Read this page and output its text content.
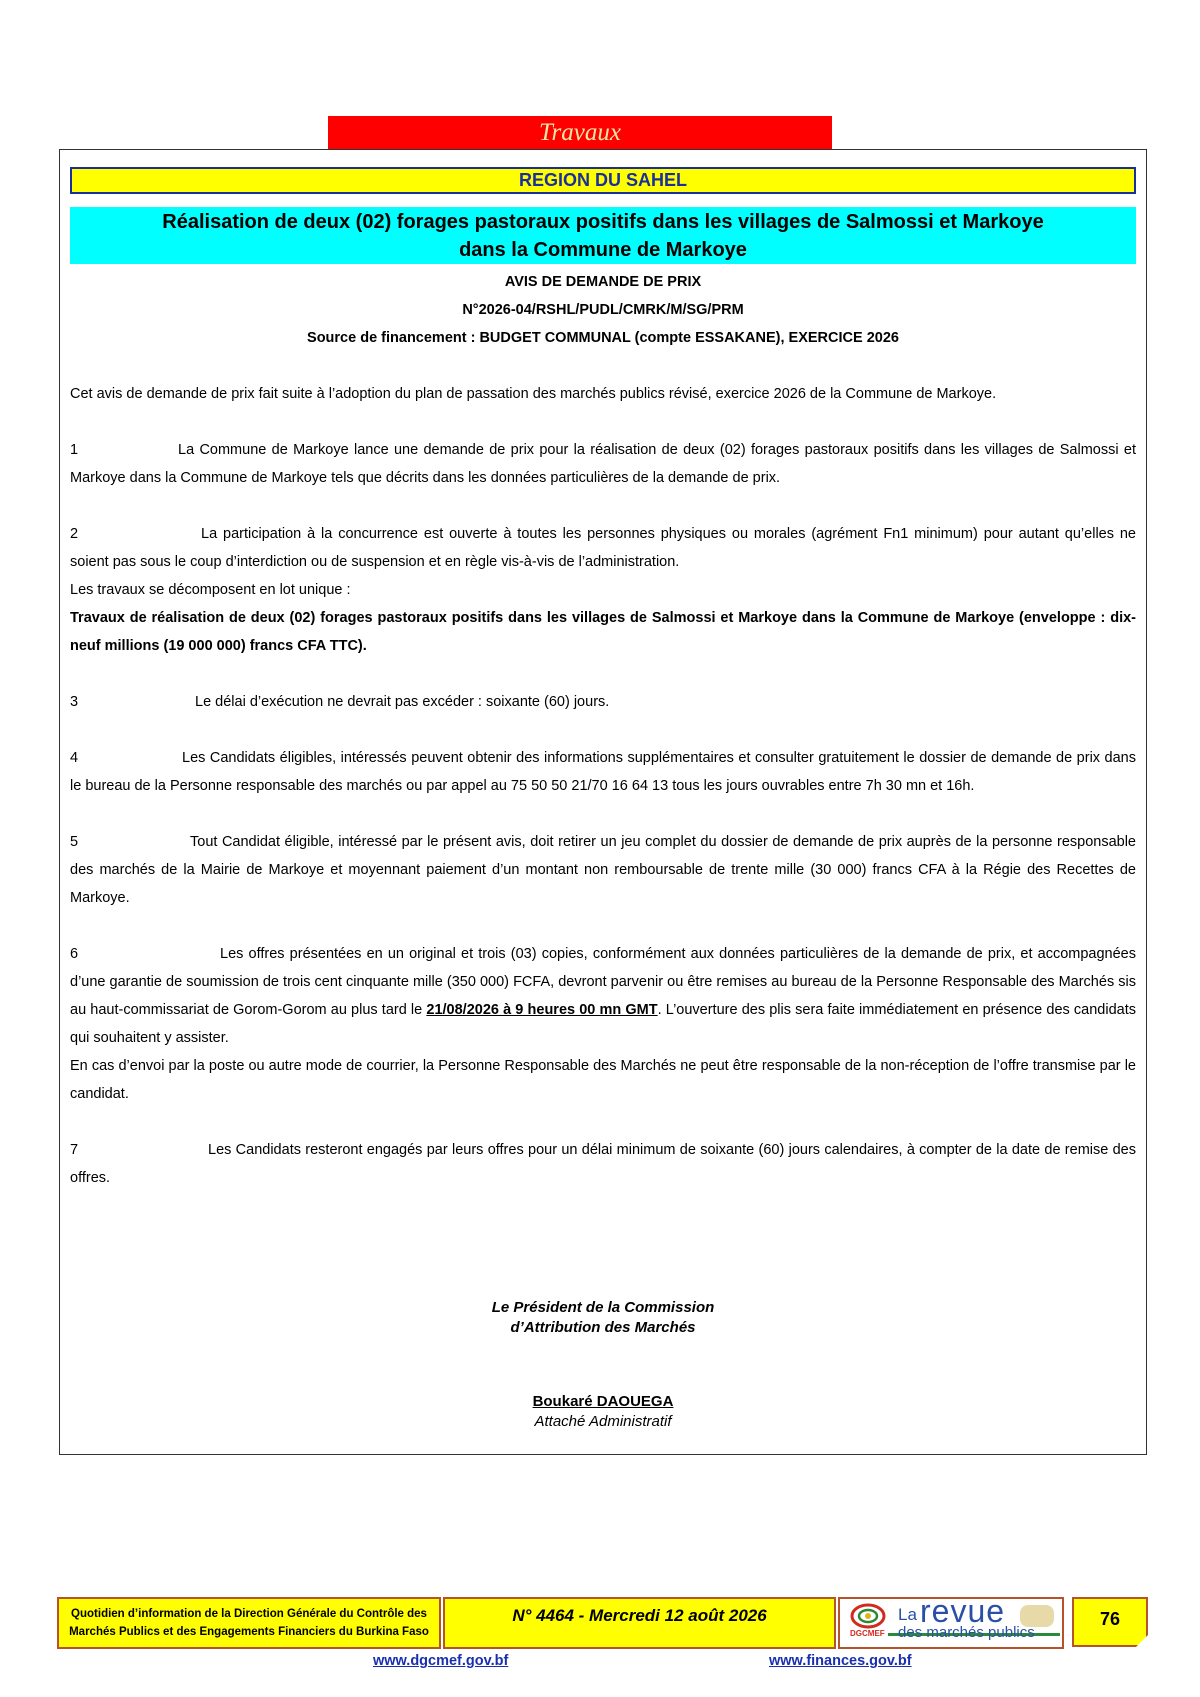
Travaux
REGION DU SAHEL
Réalisation de deux (02) forages pastoraux positifs dans les villages de Salmossi et Markoye
dans la Commune de Markoye
AVIS DE DEMANDE DE PRIX
N°2026-04/RSHL/PUDL/CMRK/M/SG/PRM
Source de financement : BUDGET COMMUNAL (compte ESSAKANE), EXERCICE 2026

Cet avis de demande de prix fait suite à l’adoption du plan de passation des marchés publics révisé, exercice 2026 de la Commune de Markoye.

1	La Commune de Markoye lance une demande de prix pour la réalisation de deux (02) forages pastoraux positifs dans les villages de Salmossi et Markoye dans la Commune de Markoye tels que décrits dans les données particulières de la demande de prix.

2	La participation à la concurrence est ouverte à toutes les personnes physiques ou morales (agrément Fn1 minimum) pour autant qu’elles ne soient pas sous le coup d’interdiction ou de suspension et en règle vis-à-vis de l’administration.

Les travaux se décomposent en lot unique :

Travaux de réalisation de deux (02) forages pastoraux positifs dans les villages de Salmossi et Markoye dans la Commune de Markoye (enveloppe : dix-neuf millions (19 000 000) francs CFA TTC).

3	Le délai d’exécution ne devrait pas excéder : soixante (60) jours.

4	Les Candidats éligibles, intéressés peuvent obtenir des informations supplémentaires et consulter gratuitement le dossier de demande de prix dans le bureau de la Personne responsable des marchés ou par appel au 75 50 50 21/70 16 64 13 tous les jours ouvrables entre 7h 30 mn et 16h.

5	Tout Candidat éligible, intéressé par le présent avis, doit retirer un jeu complet du dossier de demande de prix auprès de la personne responsable des marchés de la Mairie de Markoye et moyennant paiement d’un montant non remboursable de trente mille (30 000) francs CFA à la Régie des Recettes de Markoye.

6	Les offres présentées en un original et trois (03) copies, conformément aux données particulières de la demande de prix, et accompagnées d’une garantie de soumission de trois cent cinquante mille (350 000) FCFA, devront parvenir ou être remises au bureau de la Personne Responsable des Marchés sis au haut-commissariat de Gorom-Gorom au plus tard le 21/08/2026 à 9 heures 00 mn GMT. L’ouverture des plis sera faite immédiatement en présence des candidats qui souhaitent y assister.

En cas d’envoi par la poste ou autre mode de courrier, la Personne Responsable des Marchés ne peut être responsable de la non-réception de l’offre transmise par le candidat.

7	Les Candidats resteront engagés par leurs offres pour un délai minimum de soixante (60) jours calendaires, à compter de la date de remise des offres.

Le Président de la Commission
d’Attribution des Marchés
Boukaré DAOUEGA
Attaché Administratif
Quotidien d’information de la Direction Générale du Contrôle des
Marchés Publics et des Engagements Financiers du Burkina Faso
N° 4464 - Mercredi 12 août 2026
DGCMEF
La revue
des marchés publics
76
www.dgcmef.gov.bf	www.finances.gov.bf
